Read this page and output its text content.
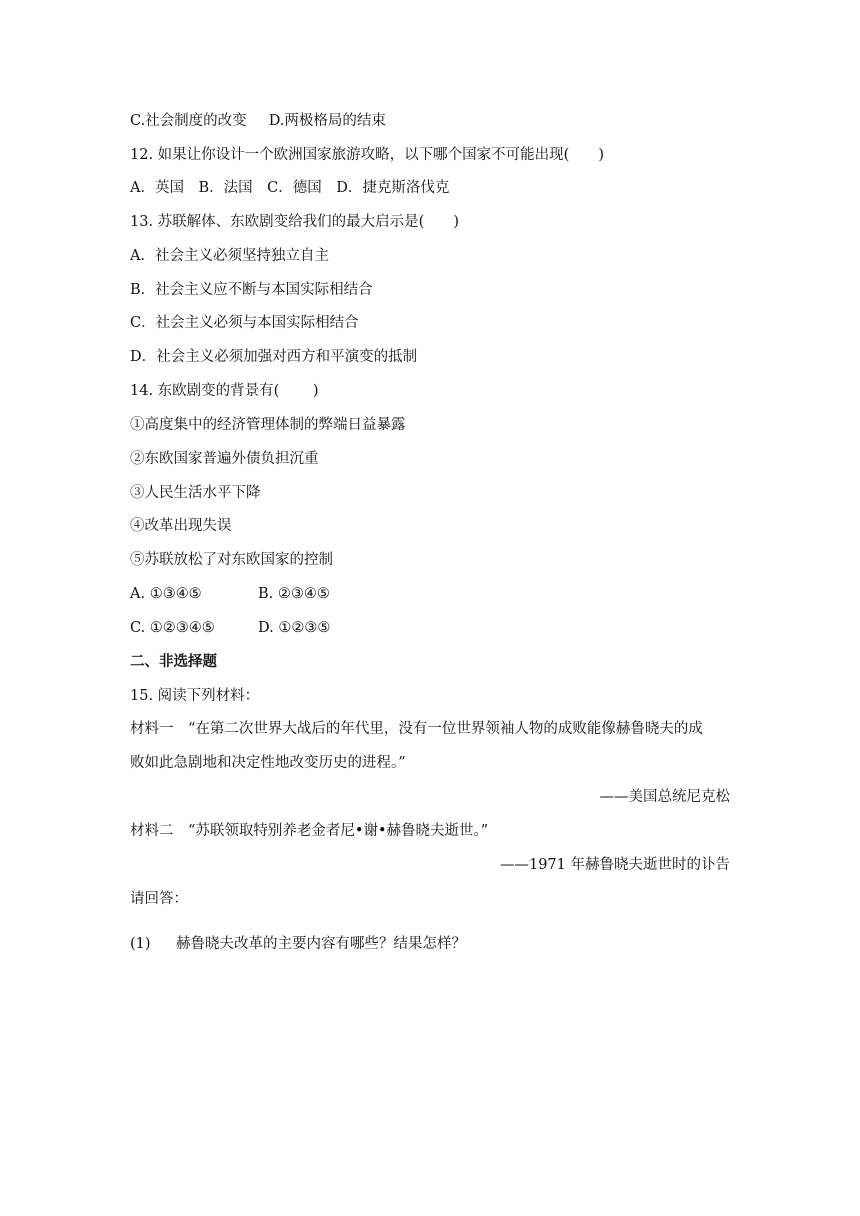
C.社会制度的改变 D.两极格局的结束
12. 如果让你设计一个欧洲国家旅游攻略，以下哪个国家不可能出现(　　)
A．英国　B．法国　C．德国　D．捷克斯洛伐克
13. 苏联解体、东欧剧变给我们的最大启示是(　　)
A．社会主义必须坚持独立自主
B．社会主义应不断与本国实际相结合
C．社会主义必须与本国实际相结合
D．社会主义必须加强对西方和平演变的抵制
14. 东欧剧变的背景有(　　 )
①高度集中的经济管理体制的弊端日益暴露
②东欧国家普遍外债负担沉重
③人民生活水平下降
④改革出现失误
⑤苏联放松了对东欧国家的控制
A. ①③④⑤	B. ②③④⑤
C. ①②③④⑤	D. ①②③⑤
二、非选择题
15. 阅读下列材料：
材料一　“在第二次世界大战后的年代里，没有一位世界领袖人物的成败能像赫鲁晓夫的成
败如此急剧地和决定性地改变历史的进程。”
——美国总统尼克松
材料二　“苏联领取特别养老金者尼•谢•赫鲁晓夫逝世。”
——1971 年赫鲁晓夫逝世时的讣告
请回答：
(1) 赫鲁晓夫改革的主要内容有哪些？结果怎样？
